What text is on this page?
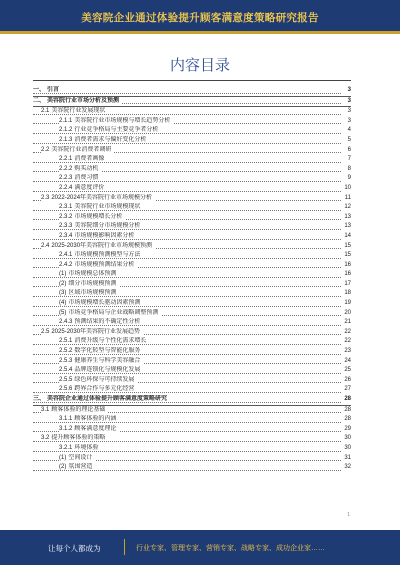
美容院企业通过体验提升顾客满意度策略研究报告
内容目录
一、 引言	3
二、 美容院行业市场分析及预测	3
2.1 美容院行业发展现状	3
2.1.1 美容院行业市场规模与增长趋势分析	3
2.1.2 行业竞争格局与主要竞争者分析	4
2.1.3 消费者需求与偏好变化分析	5
2.2 美容院行业消费者调研	6
2.2.1 消费者画像	7
2.2.2 购买动机	8
2.2.3 消费习惯	9
2.2.4 满意度评价	10
2.3 2022-2024年美容院行业市场规模分析	11
2.3.1 美容院行业市场规模现状	12
2.3.2 市场规模增长分析	13
2.3.3 美容院细分市场规模分析	13
2.3.4 市场规模影响因素分析	14
2.4 2025-2030年美容院行业市场规模预测	15
2.4.1 市场规模预测模型与方法	15
2.4.2 市场规模预测结果分析	16
(1) 市场规模总体预测	16
(2) 细分市场规模预测	17
(3) 区域市场规模预测	18
(4) 市场规模增长驱动因素预测	19
(5) 市场竞争格局与企业战略调整预测	20
2.4.3 预测结果的不确定性分析	21
2.5 2025-2030年美容院行业发展趋势	22
2.5.1 消费升级与个性化需求增长	22
2.5.2 数字化转型与智能化服务	23
2.5.3 健康养生与科学美容融合	24
2.5.4 品牌连锁化与规模化发展	25
2.5.5 绿色环保与可持续发展	26
2.5.6 跨界合作与多元化经营	27
三、 美容院企业通过体验提升顾客满意度策略研究	28
3.1 顾客体验的理论基础	28
3.1.1 顾客体验的内涵	28
3.1.2 顾客满意度理论	29
3.2 提升顾客体验的策略	30
3.2.1 环境体验	30
(1) 空间设计	31
(2) 氛围营造	32
1
让每个人都成为	行业专家、管理专家、营销专家、战略专家、成功企业家……
